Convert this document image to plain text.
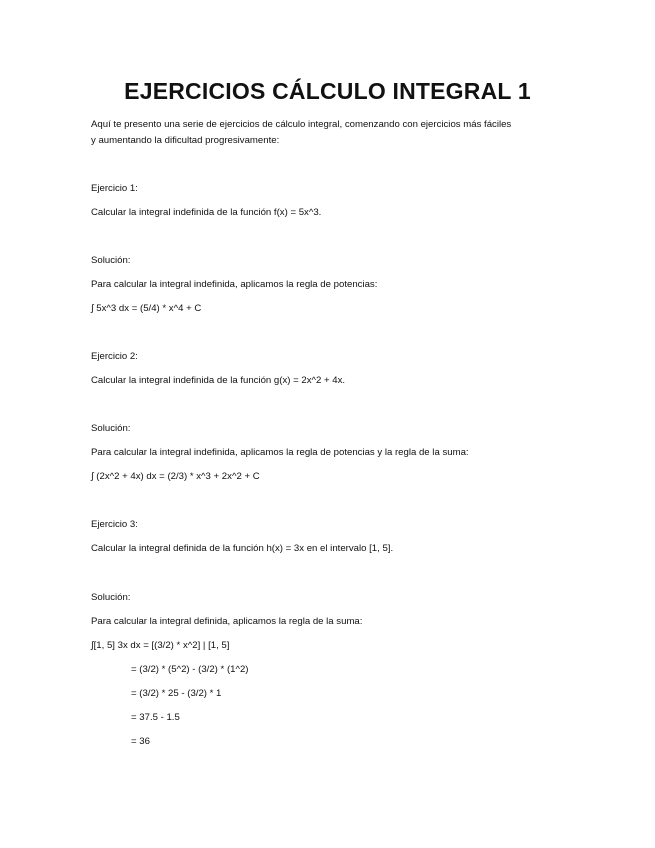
EJERCICIOS CÁLCULO INTEGRAL 1
Aquí te presento una serie de ejercicios de cálculo integral, comenzando con ejercicios más fáciles
y aumentando la dificultad progresivamente:
Ejercicio 1:
Calcular la integral indefinida de la función f(x) = 5x^3.
Solución:
Para calcular la integral indefinida, aplicamos la regla de potencias:
∫ 5x^3 dx = (5/4) * x^4 + C
Ejercicio 2:
Calcular la integral indefinida de la función g(x) = 2x^2 + 4x.
Solución:
Para calcular la integral indefinida, aplicamos la regla de potencias y la regla de la suma:
∫ (2x^2 + 4x) dx = (2/3) * x^3 + 2x^2 + C
Ejercicio 3:
Calcular la integral definida de la función h(x) = 3x en el intervalo [1, 5].
Solución:
Para calcular la integral definida, aplicamos la regla de la suma:
∫[1, 5] 3x dx = [(3/2) * x^2] | [1, 5]
= (3/2) * (5^2) - (3/2) * (1^2)
= (3/2) * 25 - (3/2) * 1
= 37.5 - 1.5
= 36
